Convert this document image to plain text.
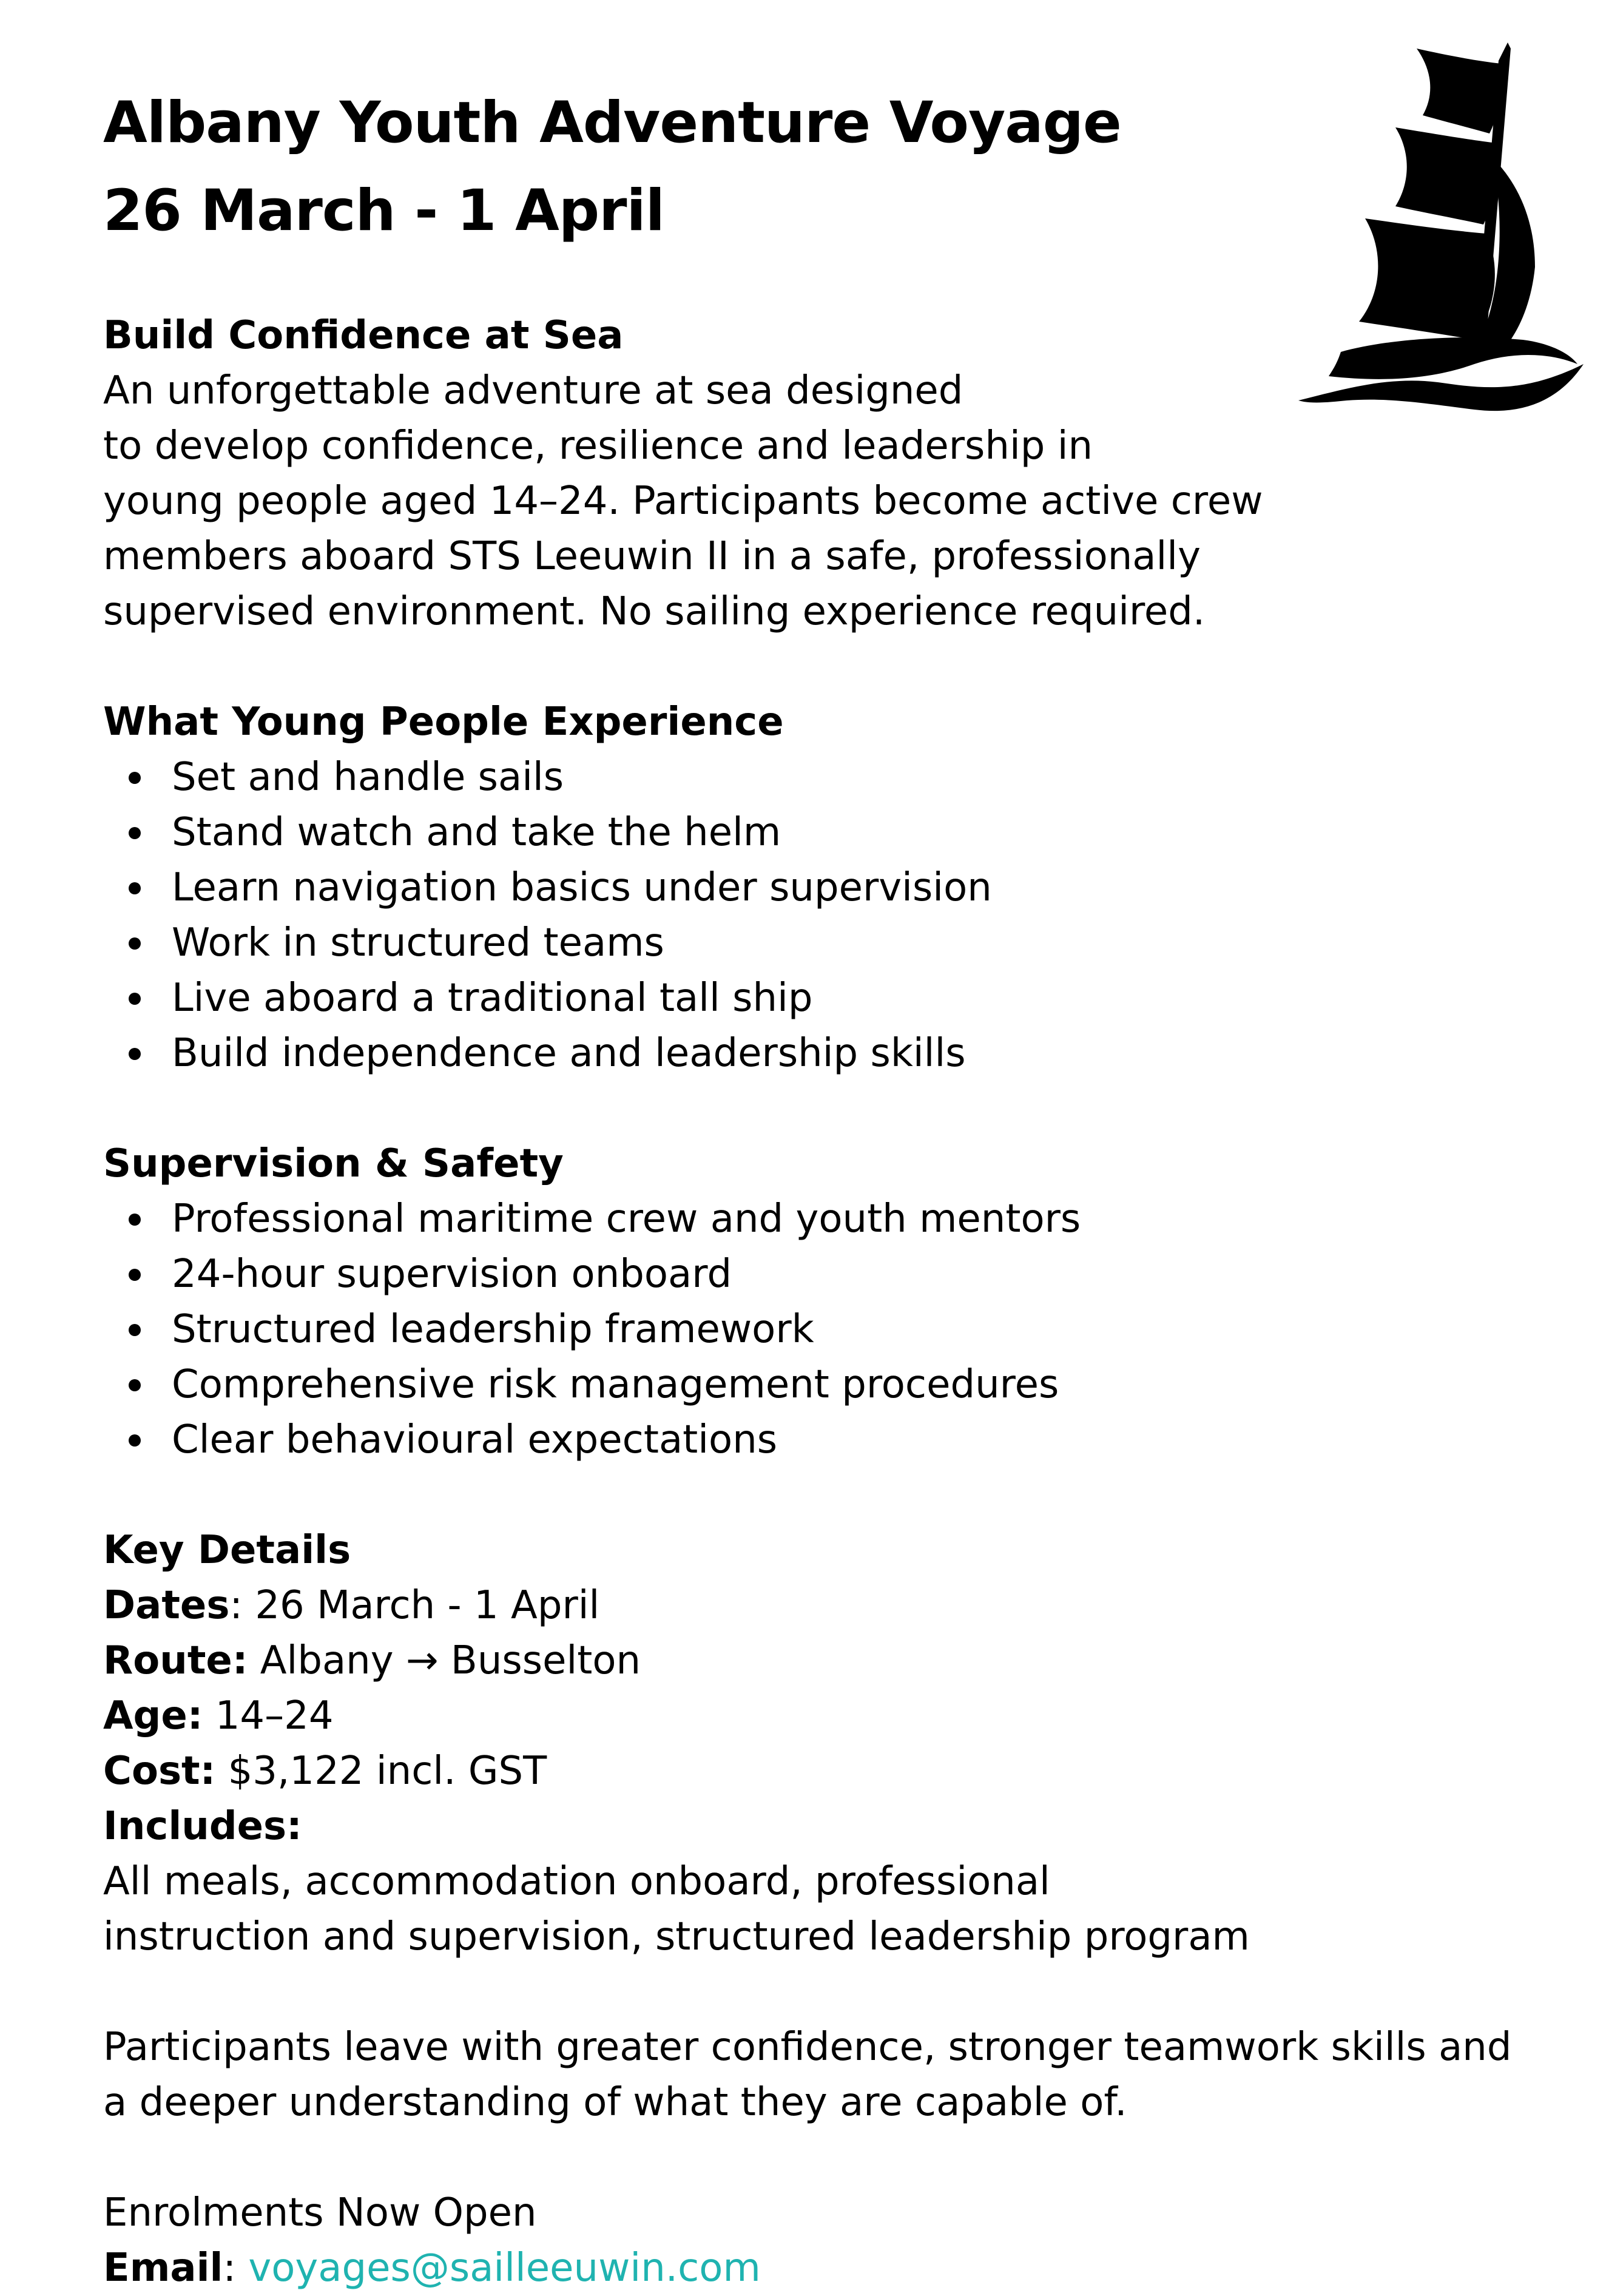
Albany Youth Adventure Voyage
26 March - 1 April

Build Confidence at Sea

An unforgettable adventure at sea designed
to develop confidence, resilience and leadership in
young people aged 14–24. Participants become active crew
members aboard STS Leeuwin II in a safe, professionally
supervised environment. No sailing experience required.

What Young People Experience

Set and handle sails
Stand watch and take the helm
Learn navigation basics under supervision
Work in structured teams
Live aboard a traditional tall ship
Build independence and leadership skills

Supervision & Safety

Professional maritime crew and youth mentors
24-hour supervision onboard
Structured leadership framework
Comprehensive risk management procedures
Clear behavioural expectations

Key Details

Dates: 26 March - 1 April
Route: Albany → Busselton
Age: 14–24
Cost: $3,122 incl. GST
Includes:
All meals, accommodation onboard, professional
instruction and supervision, structured leadership program

Participants leave with greater confidence, stronger teamwork skills and

a deeper understanding of what they are capable of.

Enrolments Now Open

Email: voyages@sailleeuwin.com
